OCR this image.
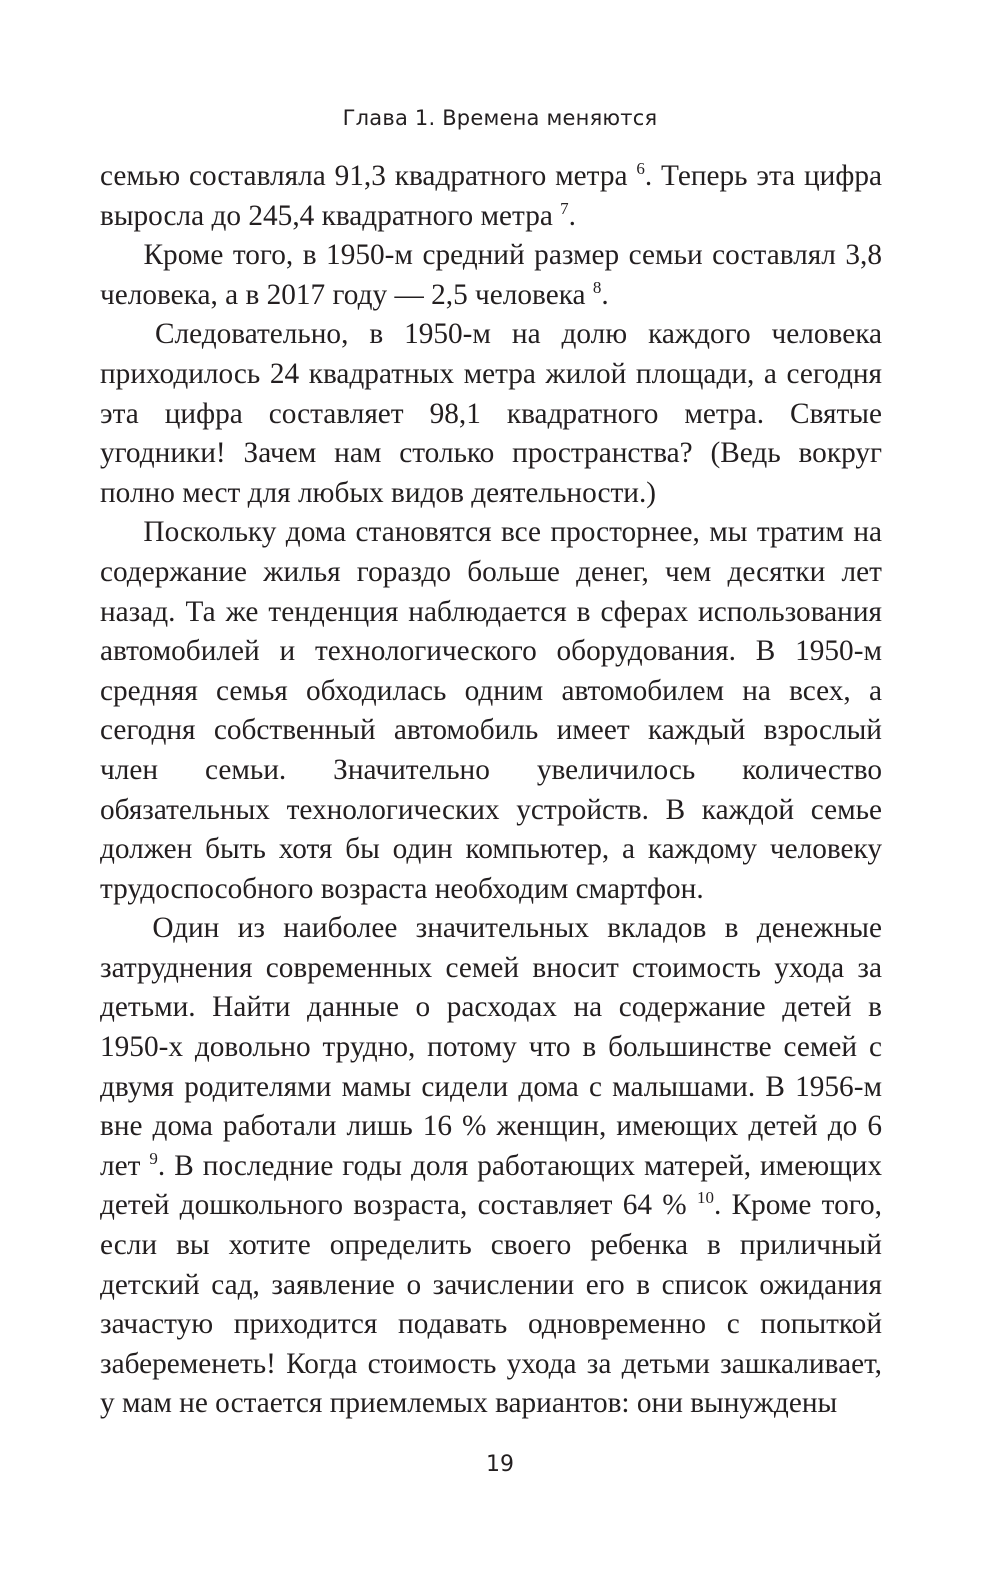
Глава 1. Времена меняются

семью составляла 91,3 квадратного метра $^6$. Теперь эта цифра выросла до 245,4 квадратного метра $^7$.

Кроме того, в 1950-м средний размер семьи составлял 3,8 человека, а в 2017 году — 2,5 человека $^8$.

Следовательно, в 1950-м на долю каждого человека приходилось 24 квадратных метра жилой площади, а сегодня эта цифра составляет 98,1 квадратного метра. Святые угодники! Зачем нам столько пространства? (Ведь вокруг полно мест для любых видов деятельности.)

Поскольку дома становятся все просторнее, мы тратим на содержание жилья гораздо больше денег, чем десятки лет назад. Та же тенденция наблюдается в сферах использования автомобилей и технологического оборудования. В 1950-м средняя семья обходилась одним автомобилем на всех, а сегодня собственный автомобиль имеет каждый взрослый член семьи. Значительно увеличилось количество обязательных технологических устройств. В каждой семье должен быть хотя бы один компьютер, а каждому человеку трудоспособного возраста необходим смартфон.

Один из наиболее значительных вкладов в денежные затруднения современных семей вносит стоимость ухода за детьми. Найти данные о расходах на содержание детей в 1950-х довольно трудно, потому что в большинстве семей с двумя родителями мамы сидели дома с малышами. В 1956-м вне дома работали лишь 16 % женщин, имеющих детей до 6 лет $^9$. В последние годы доля работающих матерей, имеющих детей дошкольного возраста, составляет 64 % $^{10}$. Кроме того, если вы хотите определить своего ребенка в приличный детский сад, заявление о зачислении его в список ожидания зачастую приходится подавать одновременно с попыткой забеременеть! Когда стоимость ухода за детьми зашкаливает, у мам не остается приемлемых вариантов: они вынуждены

19
